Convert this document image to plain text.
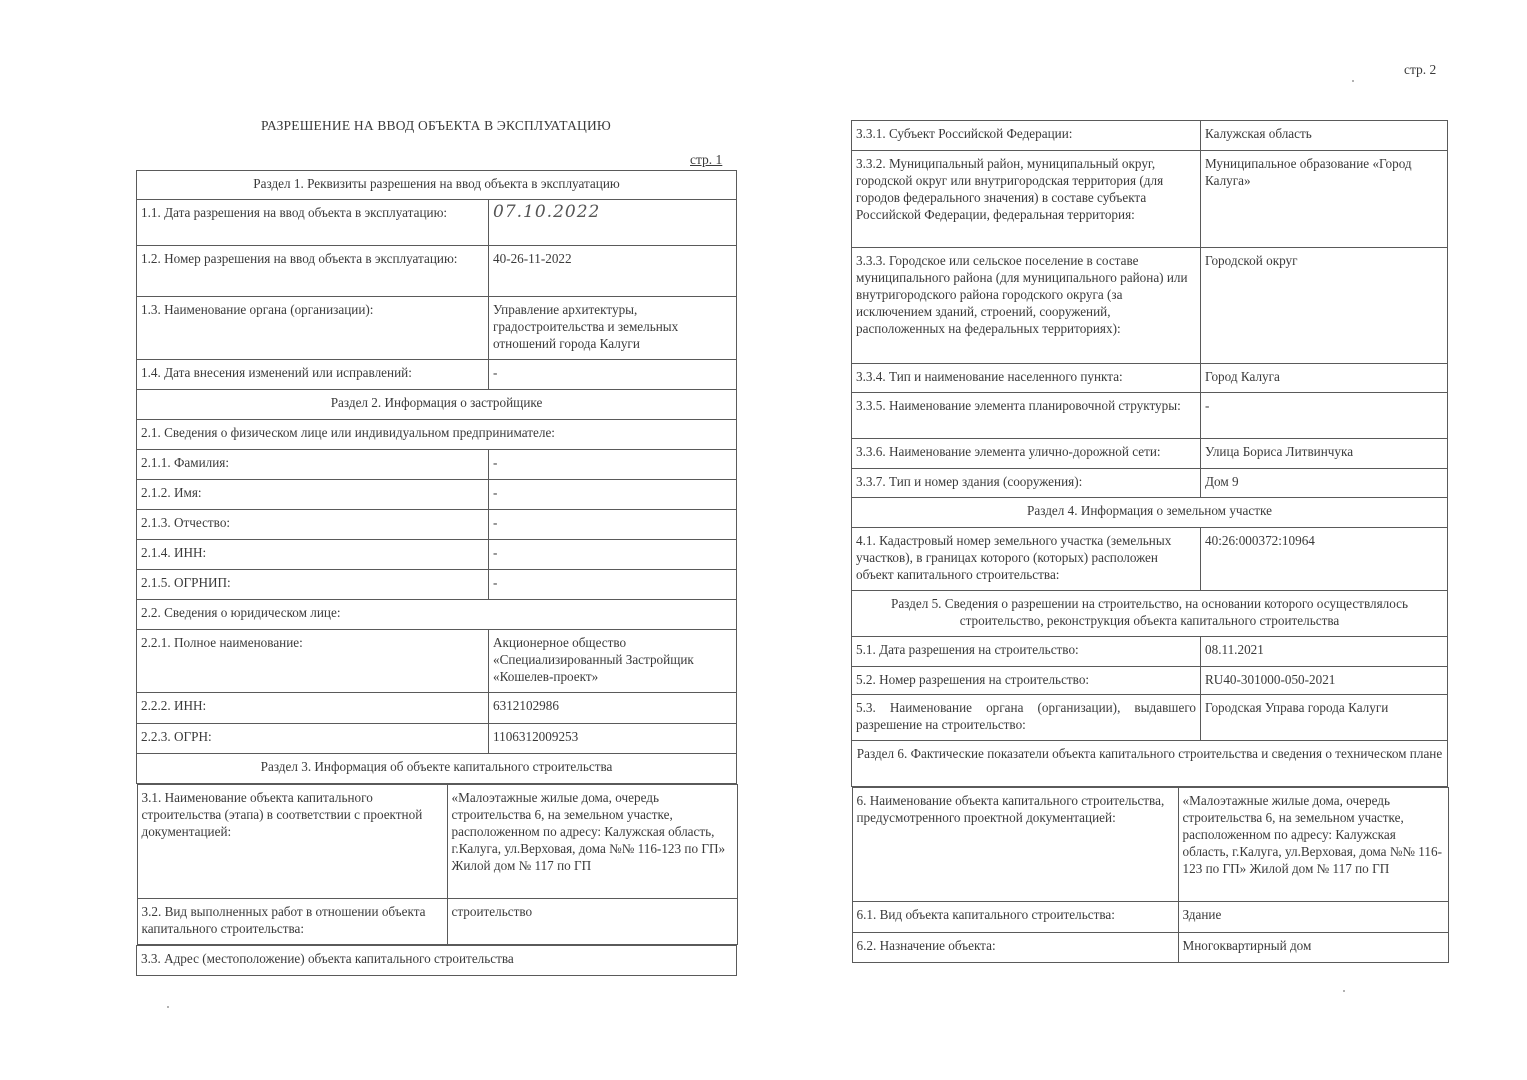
РАЗРЕШЕНИЕ НА ВВОД ОБЪЕКТА В ЭКСПЛУАТАЦИЮ
стр. 1
стр. 2
Раздел 1. Реквизиты разрешения на ввод объекта в эксплуатацию
1.1. Дата разрешения на ввод объекта в эксплуатацию:	07.10.2022
1.2. Номер разрешения на ввод объекта в эксплуатацию:	40-26-11-2022
1.3. Наименование органа (организации):	Управление архитектуры, градостроительства и земельных отношений города Калуги
1.4. Дата внесения изменений или исправлений:	-
Раздел 2. Информация о застройщике
2.1. Сведения о физическом лице или индивидуальном предпринимателе:
2.1.1. Фамилия:	-
2.1.2. Имя:	-
2.1.3. Отчество:	-
2.1.4. ИНН:	-
2.1.5. ОГРНИП:	-
2.2. Сведения о юридическом лице:
2.2.1. Полное наименование:	Акционерное общество «Специализированный Застройщик «Кошелев-проект»
2.2.2. ИНН:	6312102986
2.2.3. ОГРН:	1106312009253
Раздел 3. Информация об объекте капитального строительства

3.1. Наименование объекта капитального строительства (этапа) в соответствии с проектной документацией:	«Малоэтажные жилые дома, очередь строительства 6, на земельном участке, расположенном по адресу: Калужская область, г.Калуга, ул.Верховая, дома №№ 116-123 по ГП» Жилой дом № 117 по ГП
3.2. Вид выполненных работ в отношении объекта капитального строительства:	строительство

3.3. Адрес (местоположение) объекта капитального строительства
3.3.1. Субъект Российской Федерации:	Калужская область
3.3.2. Муниципальный район, муниципальный округ, городской округ или внутригородская территория (для городов федерального значения) в составе субъекта Российской Федерации, федеральная территория:	Муниципальное образование «Город Калуга»
3.3.3. Городское или сельское поселение в составе муниципального района (для муниципального района) или внутригородского района городского округа (за исключением зданий, строений, сооружений, расположенных на федеральных территориях):	Городской округ
3.3.4. Тип и наименование населенного пункта:	Город Калуга
3.3.5. Наименование элемента планировочной структуры:	-
3.3.6. Наименование элемента улично-дорожной сети:	Улица Бориса Литвинчука
3.3.7. Тип и номер здания (сооружения):	Дом 9
Раздел 4. Информация о земельном участке
4.1. Кадастровый номер земельного участка (земельных участков), в границах которого (которых) расположен объект капитального строительства:	40:26:000372:10964
Раздел 5. Сведения о разрешении на строительство, на основании которого осуществлялось строительство, реконструкция объекта капитального строительства
5.1. Дата разрешения на строительство:	08.11.2021
5.2. Номер разрешения на строительство:	RU40-301000-050-2021
5.3. Наименование органа (организации), выдавшего разрешение на строительство:	Городская Управа города Калуги
Раздел 6. Фактические показатели объекта капитального строительства и сведения о техническом плане

6. Наименование объекта капитального строительства, предусмотренного проектной документацией:	«Малоэтажные жилые дома, очередь строительства 6, на земельном участке, расположенном по адресу: Калужская область, г.Калуга, ул.Верховая, дома №№ 116-123 по ГП» Жилой дом № 117 по ГП
6.1. Вид объекта капитального строительства:	Здание
6.2. Назначение объекта:	Многоквартирный дом
